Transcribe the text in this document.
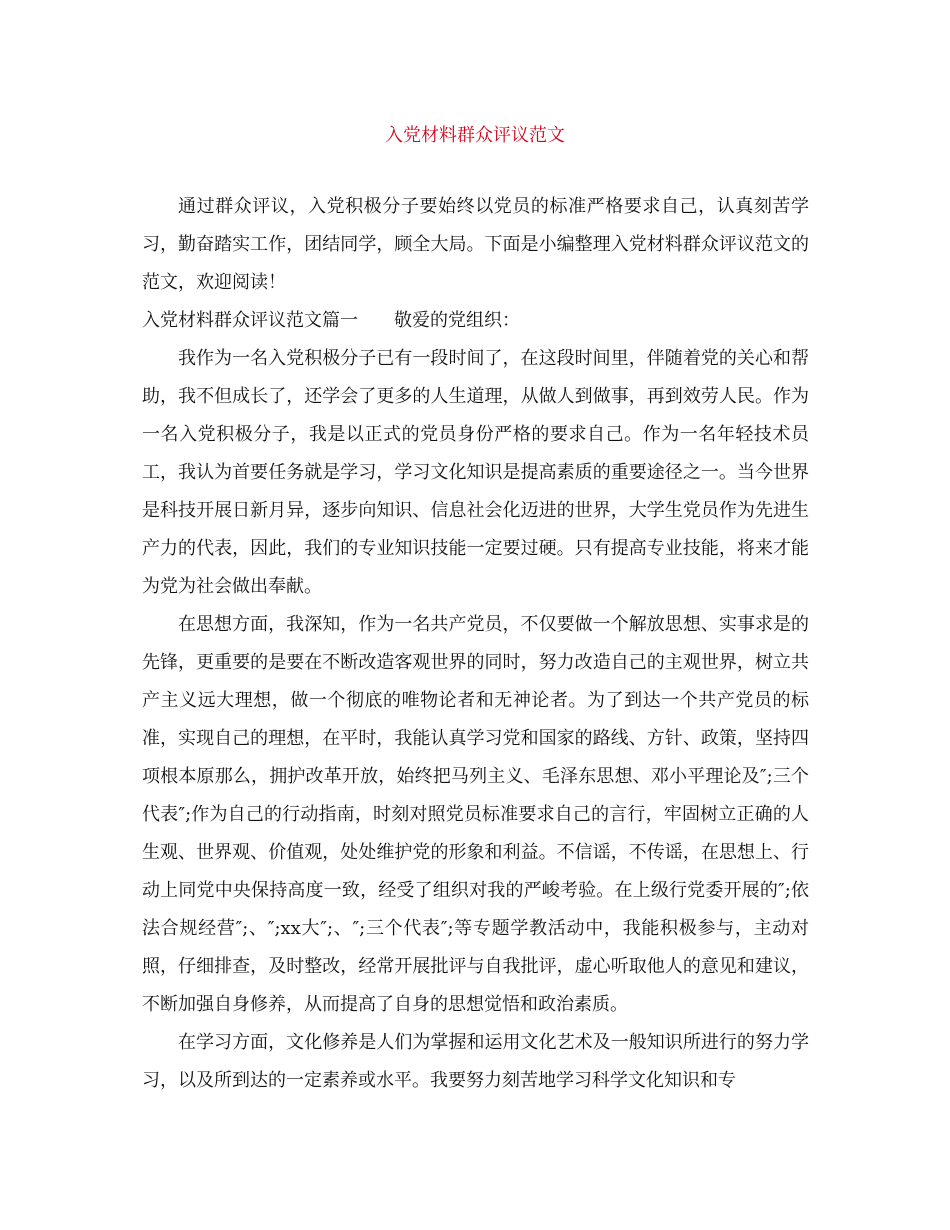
入党材料群众评议范文

通过群众评议，入党积极分子要始终以党员的标准严格要求自己，认真刻苦学习，勤奋踏实工作，团结同学，顾全大局。下面是小编整理入党材料群众评议范文的范文，欢迎阅读！

入党材料群众评议范文篇一　　敬爱的党组织：

我作为一名入党积极分子已有一段时间了，在这段时间里，伴随着党的关心和帮助，我不但成长了，还学会了更多的人生道理，从做人到做事，再到效劳人民。作为一名入党积极分子，我是以正式的党员身份严格的要求自己。作为一名年轻技术员工，我认为首要任务就是学习，学习文化知识是提高素质的重要途径之一。当今世界是科技开展日新月异，逐步向知识、信息社会化迈进的世界，大学生党员作为先进生产力的代表，因此，我们的专业知识技能一定要过硬。只有提高专业技能，将来才能为党为社会做出奉献。

在思想方面，我深知，作为一名共产党员，不仅要做一个解放思想、实事求是的先锋，更重要的是要在不断改造客观世界的同时，努力改造自己的主观世界，树立共产主义远大理想，做一个彻底的唯物论者和无神论者。为了到达一个共产党员的标准，实现自己的理想，在平时，我能认真学习党和国家的路线、方针、政策，坚持四项根本原那么，拥护改革开放，始终把马列主义、毛泽东思想、邓小平理论及″;三个代表″;作为自己的行动指南，时刻对照党员标准要求自己的言行，牢固树立正确的人生观、世界观、价值观，处处维护党的形象和利益。不信谣，不传谣，在思想上、行动上同党中央保持高度一致，经受了组织对我的严峻考验。在上级行党委开展的″;依法合规经营″;、″;xx大″;、″;三个代表″;等专题学教活动中，我能积极参与，主动对照，仔细排查，及时整改，经常开展批评与自我批评，虚心听取他人的意见和建议，不断加强自身修养，从而提高了自身的思想觉悟和政治素质。

在学习方面，文化修养是人们为掌握和运用文化艺术及一般知识所进行的努力学习，以及所到达的一定素养或水平。我要努力刻苦地学习科学文化知识和专
